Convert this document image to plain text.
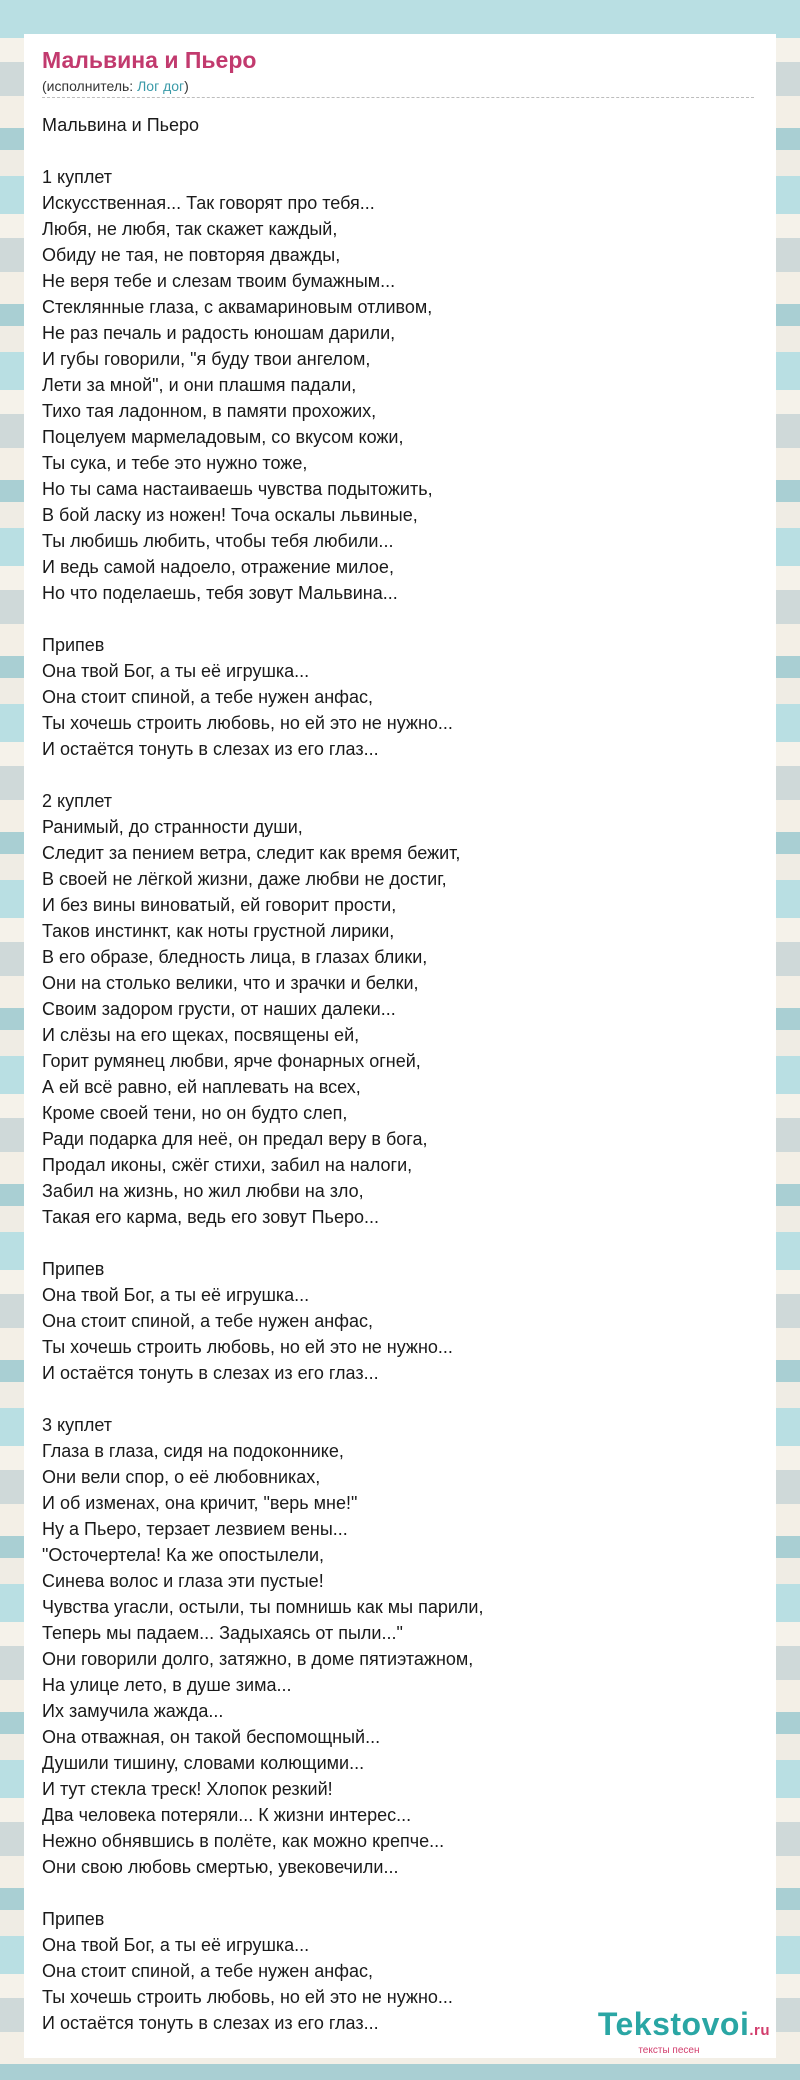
Мальвина и Пьеро
(исполнитель: Лог дог)
Мальвина и Пьеро
1 куплет
Искусственная... Так говорят про тебя...
Любя, не любя, так скажет каждый,
Обиду не тая, не повторяя дважды,
Не веря тебе и слезам твоим бумажным...
Стеклянные глаза, с аквамариновым отливом,
Не раз печаль и радость юношам дарили,
И губы говорили, "я буду твои ангелом,
Лети за мной", и они плашмя падали,
Тихо тая ладонном, в памяти прохожих,
Поцелуем мармеладовым, со вкусом кожи,
Ты сука, и тебе это нужно тоже,
Но ты сама настаиваешь чувства подытожить,
В бой ласку из ножен! Точа оскалы львиные,
Ты любишь любить, чтобы тебя любили...
И ведь самой надоело, отражение милое,
Но что поделаешь, тебя зовут Мальвина...
Припев
Она твой Бог, а ты её игрушка...
Она стоит спиной, а тебе нужен анфас,
Ты хочешь строить любовь, но ей это не нужно...
И остаётся тонуть в слезах из его глаз...
2 куплет
Ранимый, до странности души,
Следит за пением ветра, следит как время бежит,
В своей не лёгкой жизни, даже любви не достиг,
И без вины виноватый, ей говорит прости,
Таков инстинкт, как ноты грустной лирики,
В его образе, бледность лица, в глазах блики,
Они на столько велики, что и зрачки и белки,
Своим задором грусти, от наших далеки...
И слёзы на его щеках, посвящены ей,
Горит румянец любви, ярче фонарных огней,
А ей всё равно, ей наплевать на всех,
Кроме своей тени, но он будто слеп,
Ради подарка для неё, он предал веру в бога,
Продал иконы, сжёг стихи, забил на налоги,
Забил на жизнь, но жил любви на зло,
Такая его карма, ведь его зовут Пьеро...
Припев
Она твой Бог, а ты её игрушка...
Она стоит спиной, а тебе нужен анфас,
Ты хочешь строить любовь, но ей это не нужно...
И остаётся тонуть в слезах из его глаз...
3 куплет
Глаза в глаза, сидя на подоконнике,
Они вели спор, о её любовниках,
И об изменах, она кричит, "верь мне!"
Ну а Пьеро, терзает лезвием вены...
"Осточертела! Ка же опостылели,
Синева волос и глаза эти пустые!
Чувства угасли, остыли, ты помнишь как мы парили,
Теперь мы падаем... Задыхаясь от пыли..."
Они говорили долго, затяжно, в доме пятиэтажном,
На улице лето, в душе зима...
Их замучила жажда...
Она отважная, он такой беспомощный...
Душили тишину, словами колющими...
И тут стекла треск! Хлопок резкий!
Два человека потеряли... К жизни интерес...
Нежно обнявшись в полёте, как можно крепче...
Они свою любовь смертью, увековечили...
Припев
Она твой Бог, а ты её игрушка...
Она стоит спиной, а тебе нужен анфас,
Ты хочешь строить любовь, но ей это не нужно...
И остаётся тонуть в слезах из его глаз...	Tekstovoi.ru
тексты песен
